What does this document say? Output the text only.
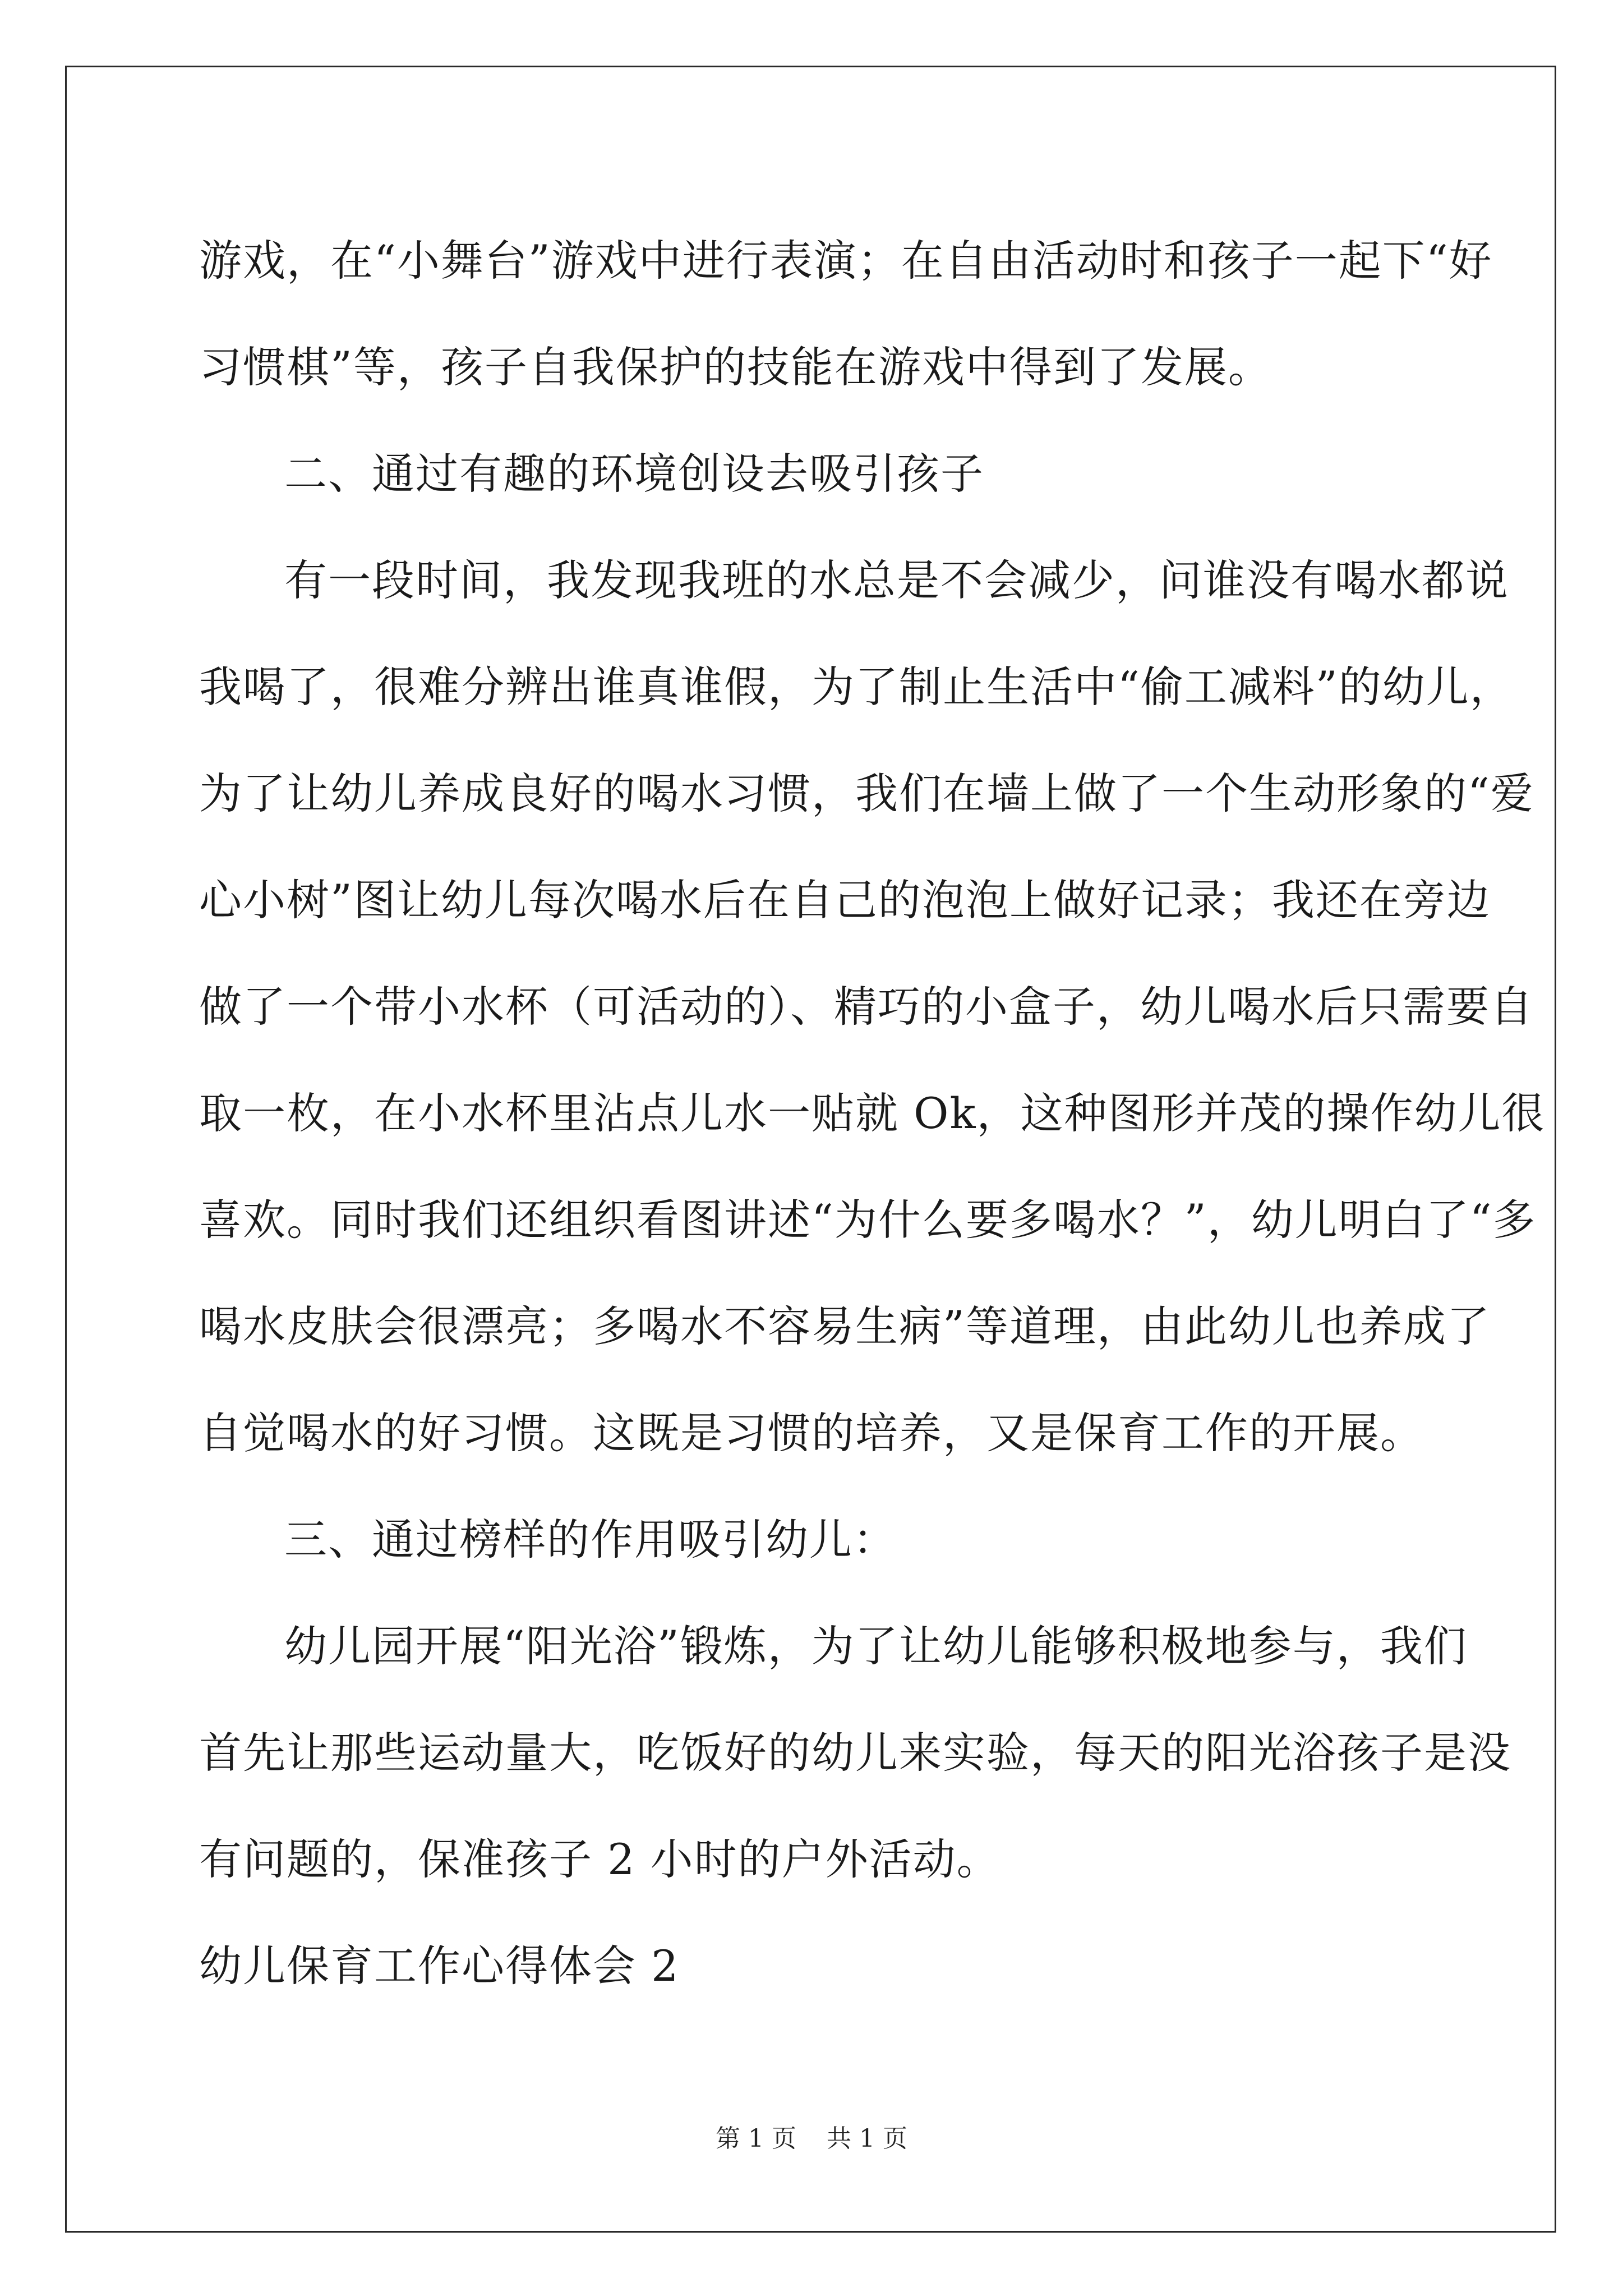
游戏，在“小舞台”游戏中进行表演；在自由活动时和孩子一起下“好

习惯棋”等，孩子自我保护的技能在游戏中得到了发展。

二、通过有趣的环境创设去吸引孩子

有一段时间，我发现我班的水总是不会减少，问谁没有喝水都说

我喝了，很难分辨出谁真谁假，为了制止生活中“偷工减料”的幼儿，

为了让幼儿养成良好的喝水习惯，我们在墙上做了一个生动形象的“爱

心小树”图让幼儿每次喝水后在自己的泡泡上做好记录；我还在旁边

做了一个带小水杯（可活动的）、精巧的小盒子，幼儿喝水后只需要自

取一枚，在小水杯里沾点儿水一贴就 Ok，这种图形并茂的操作幼儿很

喜欢。同时我们还组织看图讲述“为什么要多喝水？”，幼儿明白了“多

喝水皮肤会很漂亮；多喝水不容易生病”等道理，由此幼儿也养成了

自觉喝水的好习惯。这既是习惯的培养，又是保育工作的开展。

三、通过榜样的作用吸引幼儿：

幼儿园开展“阳光浴”锻炼，为了让幼儿能够积极地参与，我们

首先让那些运动量大，吃饭好的幼儿来实验，每天的阳光浴孩子是没

有问题的，保准孩子 2 小时的户外活动。

幼儿保育工作心得体会 2

第 1 页 共 1 页
